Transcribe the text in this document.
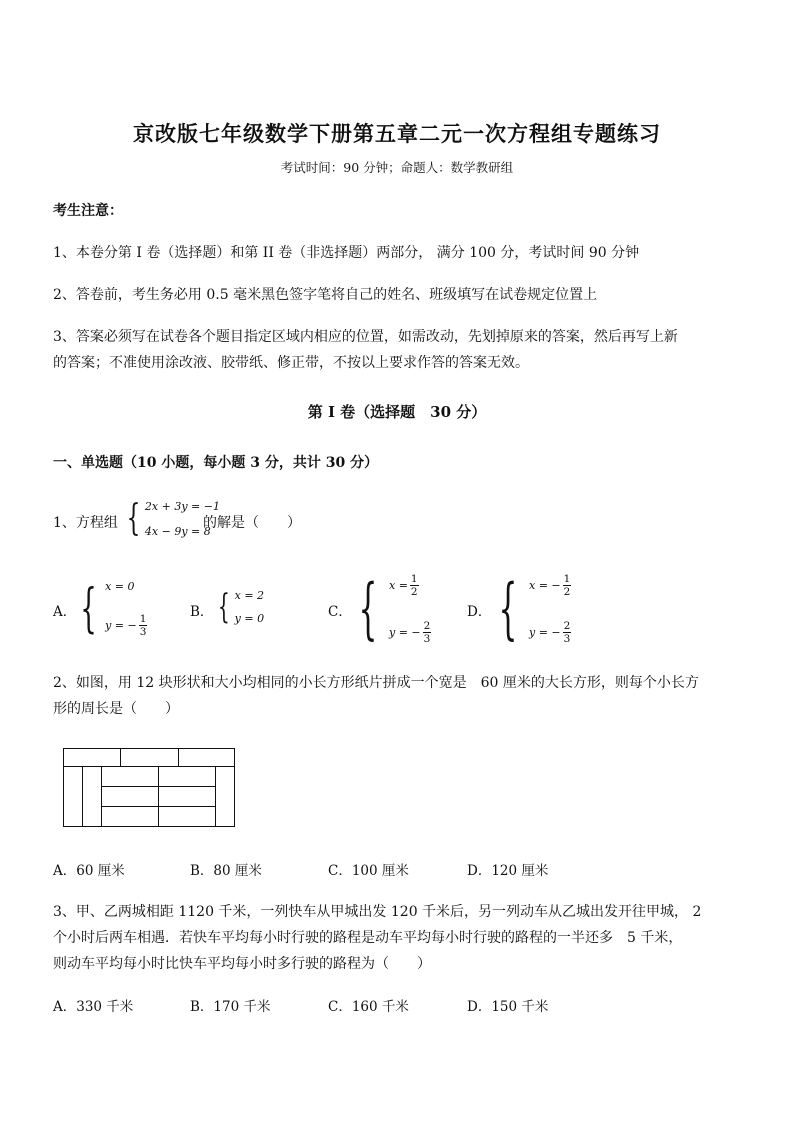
京改版七年级数学下册第五章二元一次方程组专题练习
考试时间：90 分钟；命题人：数学教研组
考生注意：
1、本卷分第 I 卷（选择题）和第 II 卷（非选择题）两部分， 满分 100 分，考试时间 90 分钟
2、答卷前，考生务必用 0.5 毫米黑色签字笔将自己的姓名、班级填写在试卷规定位置上
3、答案必须写在试卷各个题目指定区域内相应的位置，如需改动，先划掉原来的答案，然后再写上新
的答案；不准使用涂改液、胶带纸、修正带，不按以上要求作答的答案无效。
第 I 卷（选择题　30 分）
一、单选题（10 小题，每小题 3 分，共计 30 分）
1、方程组 { 2x + 3y = −1
4x − 9y = 8
的解是（　　）
A． { x = 0
y = − $\frac{1}{3}$
B． { x = 2
y = 0	C． { $x = \frac{1}{2}$
y = − $\frac{2}{3}$
D． { x = − $\frac{1}{2}$
y = − $\frac{2}{3}$
2、如图，用 12 块形状和大小均相同的小长方形纸片拼成一个宽是　60 厘米的大长方形，则每个小长方
形的周长是（　　）
A．60 厘米	B．80 厘米	C．100 厘米	D．120 厘米
3、甲、乙两城相距 1120 千米，一列快车从甲城出发 120 千米后，另一列动车从乙城出发开往甲城， 2
个小时后两车相遇．若快车平均每小时行驶的路程是动车平均每小时行驶的路程的一半还多　5 千米，
则动车平均每小时比快车平均每小时多行驶的路程为（　　）
A．330 千米	B．170 千米	C．160 千米	D．150 千米
